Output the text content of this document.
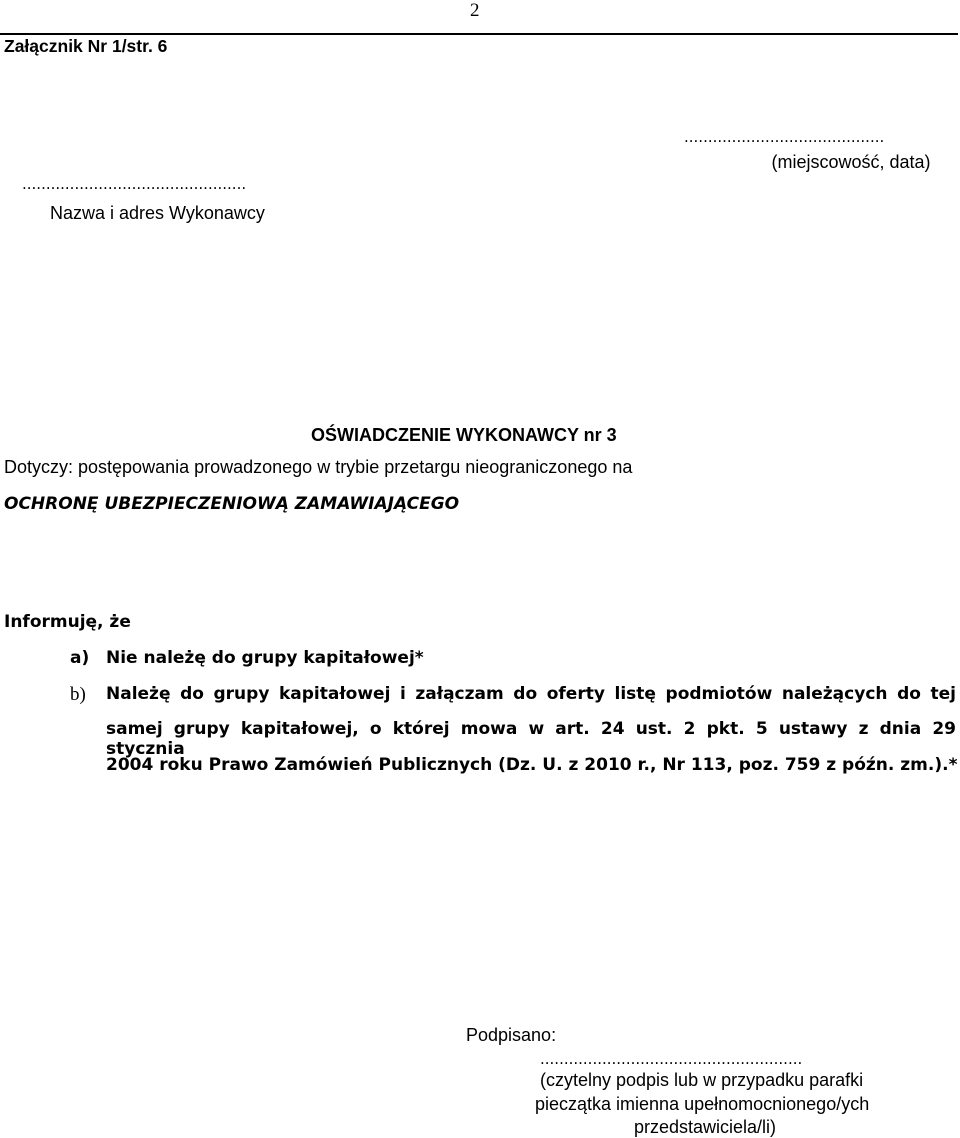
2
Załącznik Nr 1/str. 6
..........................................
(miejscowość, data)
...............................................
Nazwa i adres Wykonawcy
OŚWIADCZENIE WYKONAWCY nr 3
Dotyczy: postępowania prowadzonego w trybie przetargu nieograniczonego na
OCHRONĘ UBEZPIECZENIOWĄ ZAMAWIAJĄCEGO
Informuję, że
a) Nie należę do grupy kapitałowej*
b) Należę do grupy kapitałowej i załączam do oferty listę podmiotów należących do tej
samej grupy kapitałowej, o której mowa w art. 24 ust. 2 pkt. 5 ustawy z dnia 29 stycznia
2004 roku Prawo Zamówień Publicznych (Dz. U. z 2010 r., Nr 113, poz. 759 z późn. zm.).*
Podpisano:
.......................................................
(czytelny podpis lub w przypadku parafki
pieczątka imienna upełnomocnionego/ych
przedstawiciela/li)
